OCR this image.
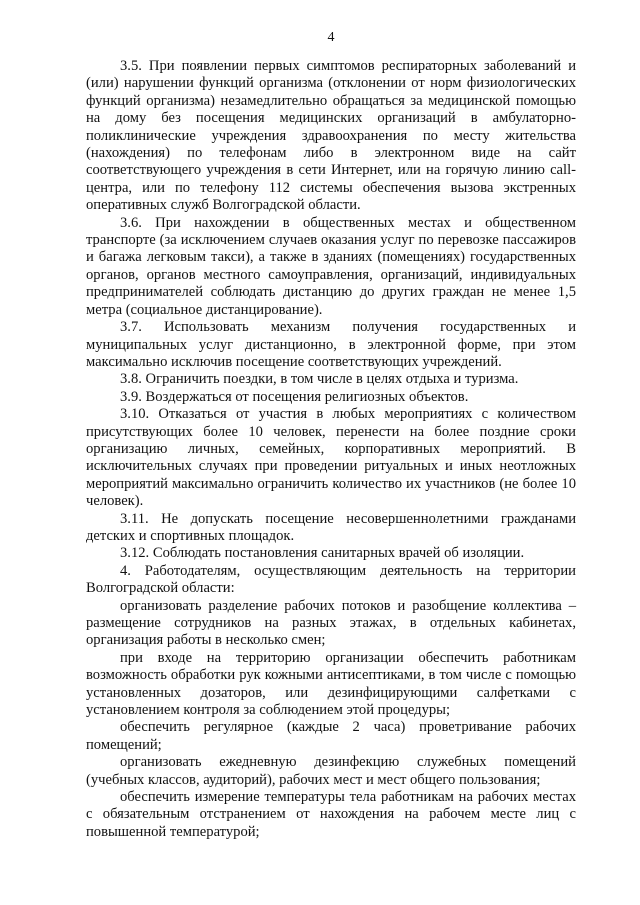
4

3.5. При появлении первых симптомов респираторных заболеваний и (или) нарушении функций организма (отклонении от норм физиологических функций организма) незамедлительно обращаться за медицинской помощью на дому без посещения медицинских организаций в амбулаторно-поликлинические учреждения здравоохранения по месту жительства (нахождения) по телефонам либо в электронном виде на сайт соответствующего учреждения в сети Интернет, или на горячую линию call-центра, или по телефону 112 системы обеспечения вызова экстренных оперативных служб Волгоградской области.

3.6. При нахождении в общественных местах и общественном транспорте (за исключением случаев оказания услуг по перевозке пассажиров и багажа легковым такси), а также в зданиях (помещениях) государственных органов, органов местного самоуправления, организаций, индивидуальных предпринимателей соблюдать дистанцию до других граждан не менее 1,5 метра (социальное дистанцирование).

3.7. Использовать механизм получения государственных и муниципальных услуг дистанционно, в электронной форме, при этом максимально исключив посещение соответствующих учреждений.

3.8. Ограничить поездки, в том числе в целях отдыха и туризма.

3.9. Воздержаться от посещения религиозных объектов.

3.10. Отказаться от участия в любых мероприятиях с количеством присутствующих более 10 человек, перенести на более поздние сроки организацию личных, семейных, корпоративных мероприятий. В исключительных случаях при проведении ритуальных и иных неотложных мероприятий максимально ограничить количество их участников (не более 10 человек).

3.11. Не допускать посещение несовершеннолетними гражданами детских и спортивных площадок.

3.12. Соблюдать постановления санитарных врачей об изоляции.

4. Работодателям, осуществляющим деятельность на территории Волгоградской области:

организовать разделение рабочих потоков и разобщение коллектива – размещение сотрудников на разных этажах, в отдельных кабинетах, организация работы в несколько смен;

при входе на территорию организации обеспечить работникам возможность обработки рук кожными антисептиками, в том числе с помощью установленных дозаторов, или дезинфицирующими салфетками с установлением контроля за соблюдением этой процедуры;

обеспечить регулярное (каждые 2 часа) проветривание рабочих помещений;

организовать ежедневную дезинфекцию служебных помещений (учебных классов, аудиторий), рабочих мест и мест общего пользования;

обеспечить измерение температуры тела работникам на рабочих местах с обязательным отстранением от нахождения на рабочем месте лиц с повышенной температурой;
